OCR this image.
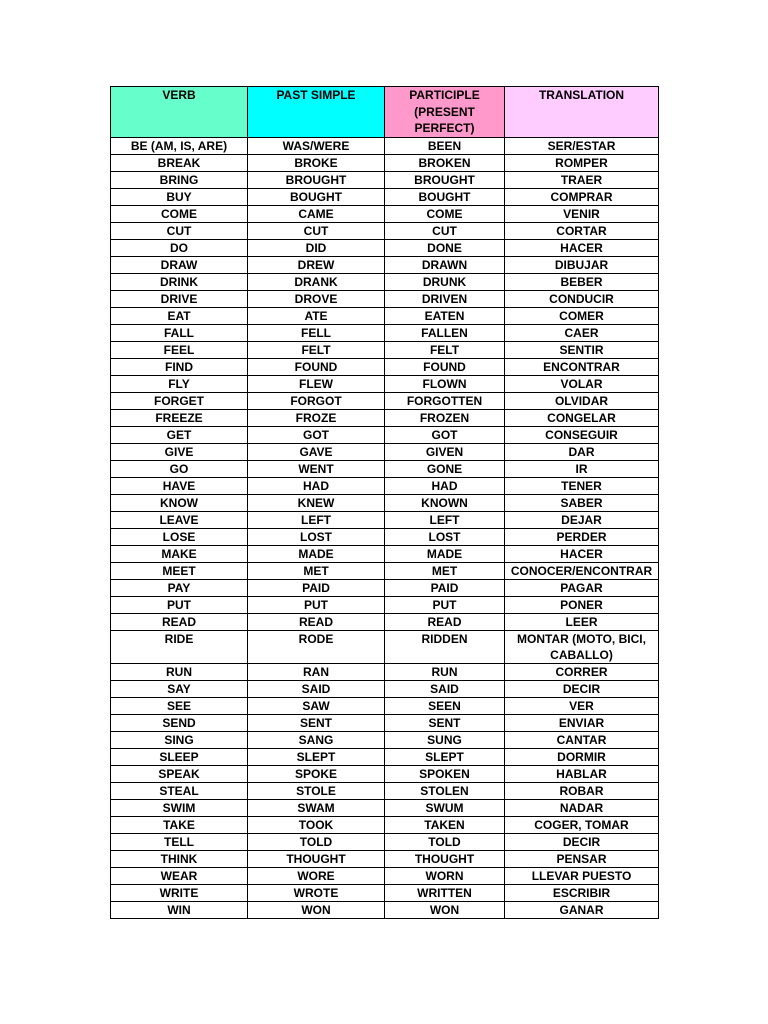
VERB	PAST SIMPLE	PARTICIPLE (PRESENT PERFECT)	TRANSLATION
BE (AM, IS, ARE)	WAS/WERE	BEEN	SER/ESTAR
BREAK	BROKE	BROKEN	ROMPER
BRING	BROUGHT	BROUGHT	TRAER
BUY	BOUGHT	BOUGHT	COMPRAR
COME	CAME	COME	VENIR
CUT	CUT	CUT	CORTAR
DO	DID	DONE	HACER
DRAW	DREW	DRAWN	DIBUJAR
DRINK	DRANK	DRUNK	BEBER
DRIVE	DROVE	DRIVEN	CONDUCIR
EAT	ATE	EATEN	COMER
FALL	FELL	FALLEN	CAER
FEEL	FELT	FELT	SENTIR
FIND	FOUND	FOUND	ENCONTRAR
FLY	FLEW	FLOWN	VOLAR
FORGET	FORGOT	FORGOTTEN	OLVIDAR
FREEZE	FROZE	FROZEN	CONGELAR
GET	GOT	GOT	CONSEGUIR
GIVE	GAVE	GIVEN	DAR
GO	WENT	GONE	IR
HAVE	HAD	HAD	TENER
KNOW	KNEW	KNOWN	SABER
LEAVE	LEFT	LEFT	DEJAR
LOSE	LOST	LOST	PERDER
MAKE	MADE	MADE	HACER
MEET	MET	MET	CONOCER/ENCONTRAR
PAY	PAID	PAID	PAGAR
PUT	PUT	PUT	PONER
READ	READ	READ	LEER
RIDE	RODE	RIDDEN	MONTAR (MOTO, BICI, CABALLO)
RUN	RAN	RUN	CORRER
SAY	SAID	SAID	DECIR
SEE	SAW	SEEN	VER
SEND	SENT	SENT	ENVIAR
SING	SANG	SUNG	CANTAR
SLEEP	SLEPT	SLEPT	DORMIR
SPEAK	SPOKE	SPOKEN	HABLAR
STEAL	STOLE	STOLEN	ROBAR
SWIM	SWAM	SWUM	NADAR
TAKE	TOOK	TAKEN	COGER, TOMAR
TELL	TOLD	TOLD	DECIR
THINK	THOUGHT	THOUGHT	PENSAR
WEAR	WORE	WORN	LLEVAR PUESTO
WRITE	WROTE	WRITTEN	ESCRIBIR
WIN	WON	WON	GANAR
